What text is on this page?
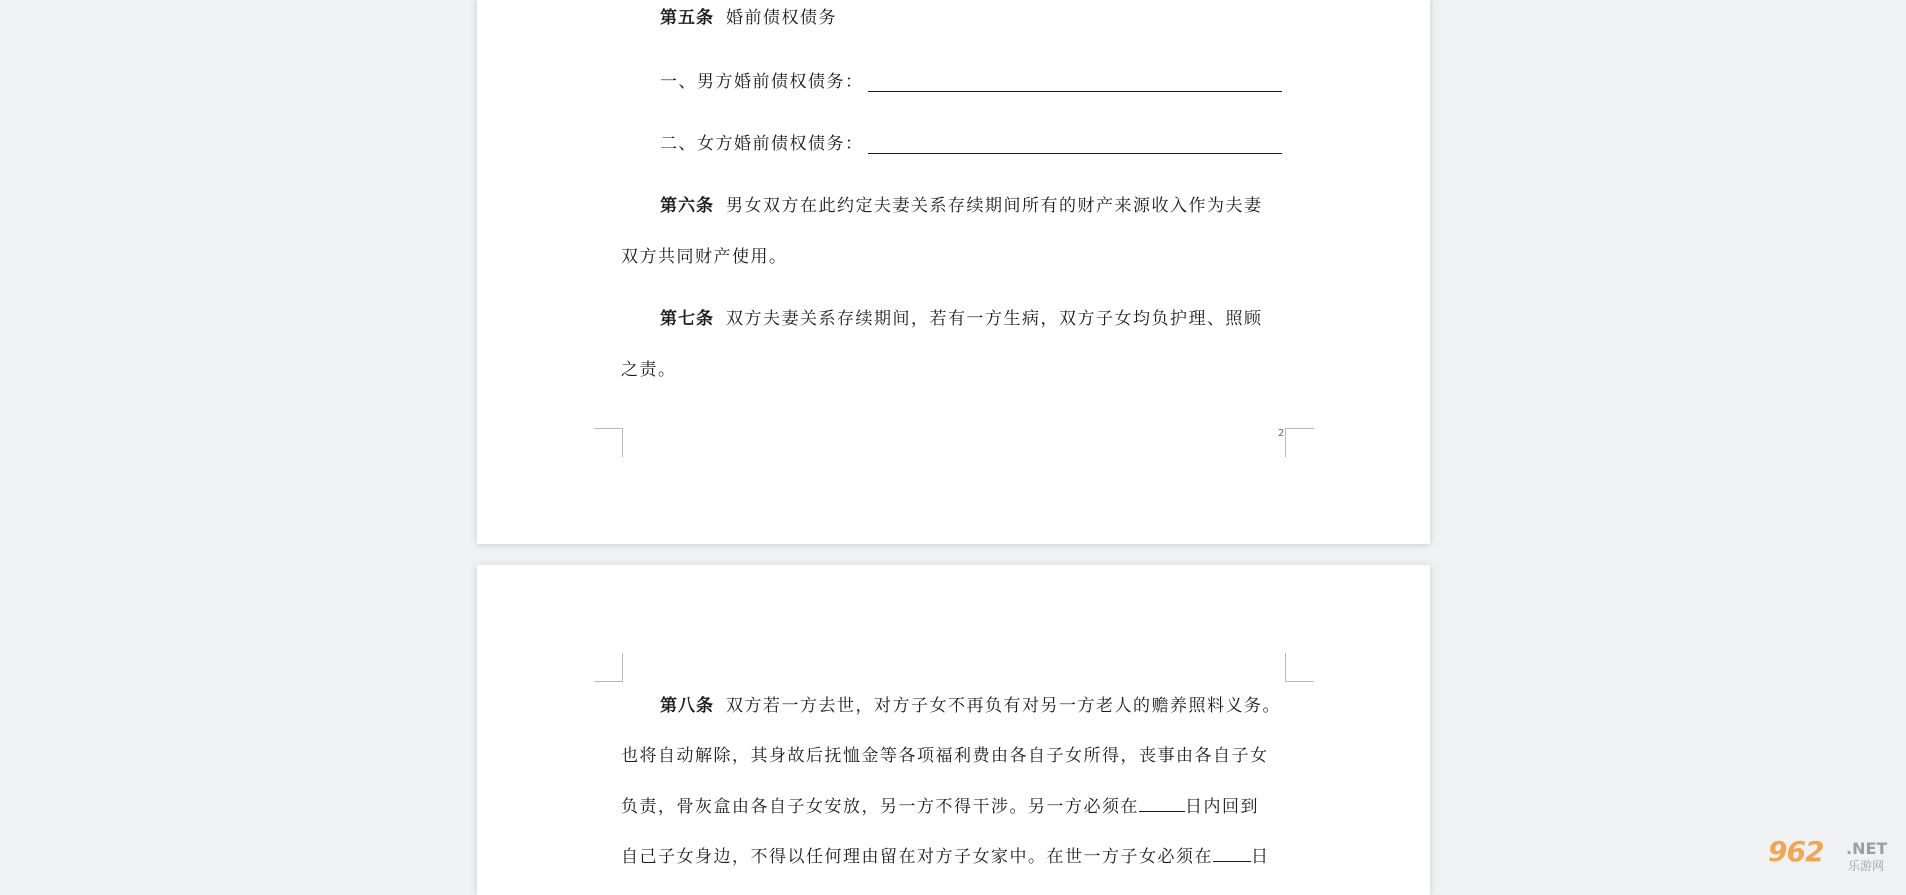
第五条 婚前债权债务
一、男方婚前债权债务：
二、女方婚前债权债务：
第六条 男女双方在此约定夫妻关系存续期间所有的财产来源收入作为夫妻
双方共同财产使用。
第七条 双方夫妻关系存续期间，若有一方生病，双方子女均负护理、照顾
之责。
2
第八条 双方若一方去世，对方子女不再负有对另一方老人的赡养照料义务。
也将自动解除，其身故后抚恤金等各项福利费由各自子女所得，丧事由各自子女
负责，骨灰盒由各自子女安放，另一方不得干涉。另一方必须在	日内回到
自己子女身边，不得以任何理由留在对方子女家中。在世一方子女必须在 日	962 .NET
乐游网
